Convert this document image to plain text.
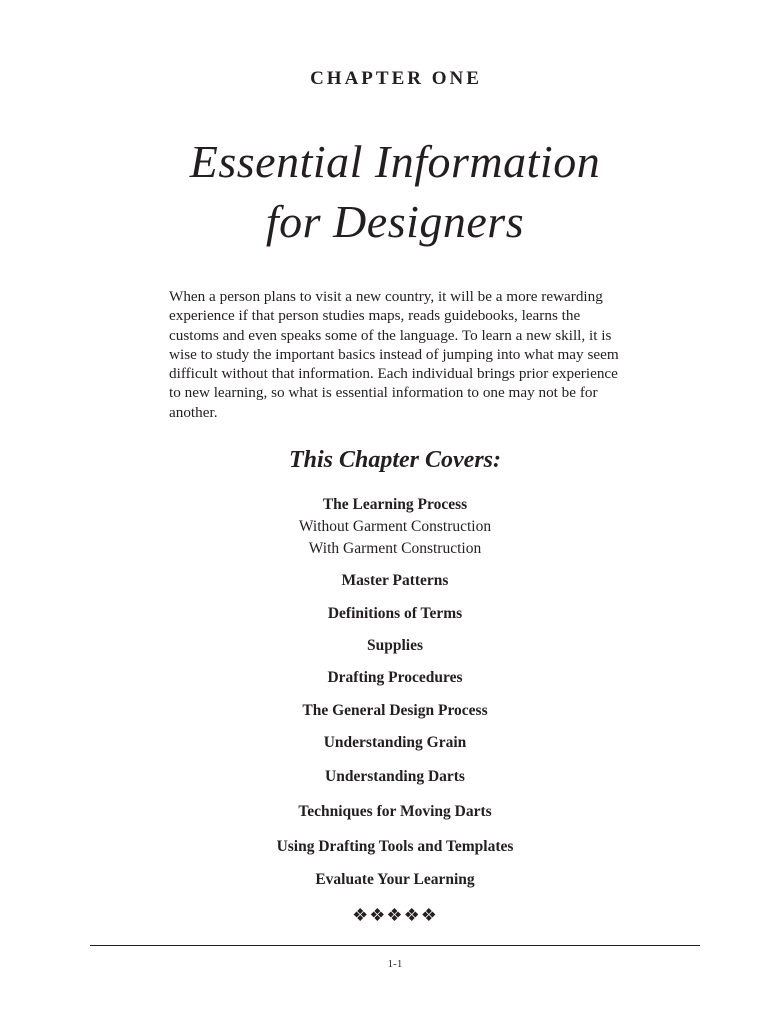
CHAPTER ONE
Essential Information
for Designers
When a person plans to visit a new country, it will be a more rewarding experience if that person studies maps, reads guidebooks, learns the customs and even speaks some of the language. To learn a new skill, it is wise to study the important basics instead of jumping into what may seem difficult without that information. Each individual brings prior experience to new learning, so what is essential information to one may not be for another.
This Chapter Covers:
The Learning Process
Without Garment Construction
With Garment Construction
Master Patterns
Definitions of Terms
Supplies
Drafting Procedures
The General Design Process
Understanding Grain
Understanding Darts
Techniques for Moving Darts
Using Drafting Tools and Templates
Evaluate Your Learning
❖❖❖❖❖
1-1
